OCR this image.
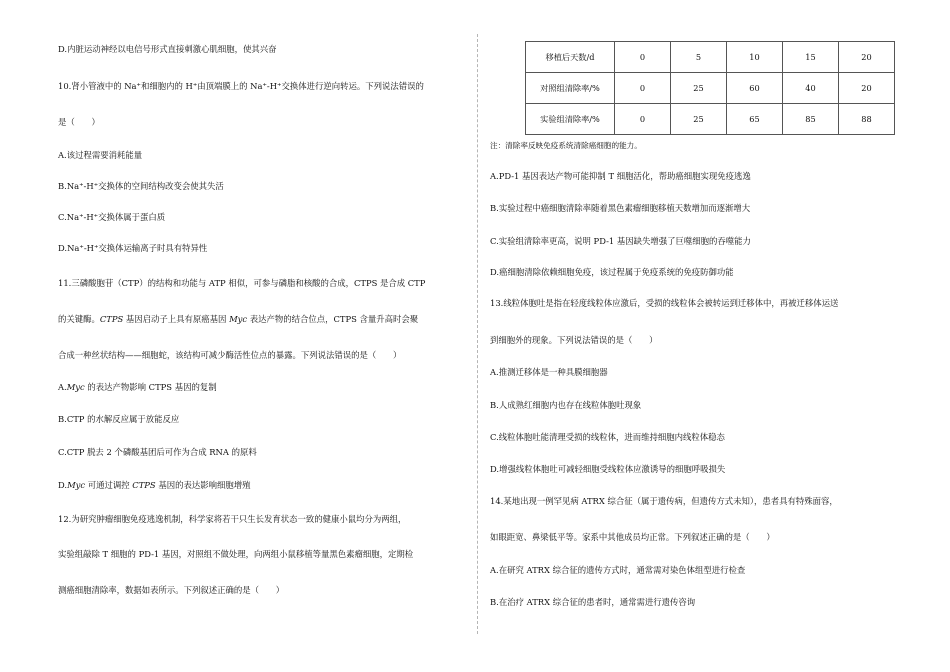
D.内脏运动神经以电信号形式直接刺激心肌细胞，使其兴奋
10.肾小管液中的 Na⁺和细胞内的 H⁺由顶端膜上的 Na⁺-H⁺交换体进行逆向转运。下列说法错误的
是（　　）
A.该过程需要消耗能量
B.Na⁺-H⁺交换体的空间结构改变会使其失活
C.Na⁺-H⁺交换体属于蛋白质
D.Na⁺-H⁺交换体运输离子时具有特异性
11.三磷酸胞苷（CTP）的结构和功能与 ATP 相似，可参与磷脂和核酸的合成，CTPS 是合成 CTP
的关键酶。CTPS 基因启动子上具有原癌基因 Myc 表达产物的结合位点，CTPS 含量升高时会聚
合成一种丝状结构——细胞蛇，该结构可减少酶活性位点的暴露。下列说法错误的是（　　）
A.Myc 的表达产物影响 CTPS 基因的复制
B.CTP 的水解反应属于放能反应
C.CTP 脱去 2 个磷酸基团后可作为合成 RNA 的原料
D.Myc 可通过调控 CTPS 基因的表达影响细胞增殖
12.为研究肿瘤细胞免疫逃逸机制，科学家将若干只生长发育状态一致的健康小鼠均分为两组，
实验组敲除 T 细胞的 PD-1 基因，对照组不做处理，向两组小鼠移植等量黑色素瘤细胞，定期检
测癌细胞清除率，数据如表所示。下列叙述正确的是（　　）
移植后天数/d	0	5	10	15	20
对照组清除率/%	0	25	60	40	20
实验组清除率/%	0	25	65	85	88
注：清除率反映免疫系统清除癌细胞的能力。
A.PD-1 基因表达产物可能抑制 T 细胞活化，帮助癌细胞实现免疫逃逸
B.实验过程中癌细胞清除率随着黑色素瘤细胞移植天数增加而逐渐增大
C.实验组清除率更高，说明 PD-1 基因缺失增强了巨噬细胞的吞噬能力
D.癌细胞清除依赖细胞免疫，该过程属于免疫系统的免疫防御功能
13.线粒体胞吐是指在轻度线粒体应激后，受损的线粒体会被转运到迁移体中，再被迁移体运送
到细胞外的现象。下列说法错误的是（　　）
A.推测迁移体是一种具膜细胞器
B.人成熟红细胞内也存在线粒体胞吐现象
C.线粒体胞吐能清理受损的线粒体，进而维持细胞内线粒体稳态
D.增强线粒体胞吐可减轻细胞受线粒体应激诱导的细胞呼吸损失
14.某地出现一例罕见病 ATRX 综合征（属于遗传病，但遗传方式未知），患者具有特殊面容，
如眼距宽、鼻梁低平等。家系中其他成员均正常。下列叙述正确的是（　　）
A.在研究 ATRX 综合征的遗传方式时，通常需对染色体组型进行检查
B.在治疗 ATRX 综合征的患者时，通常需进行遗传咨询
